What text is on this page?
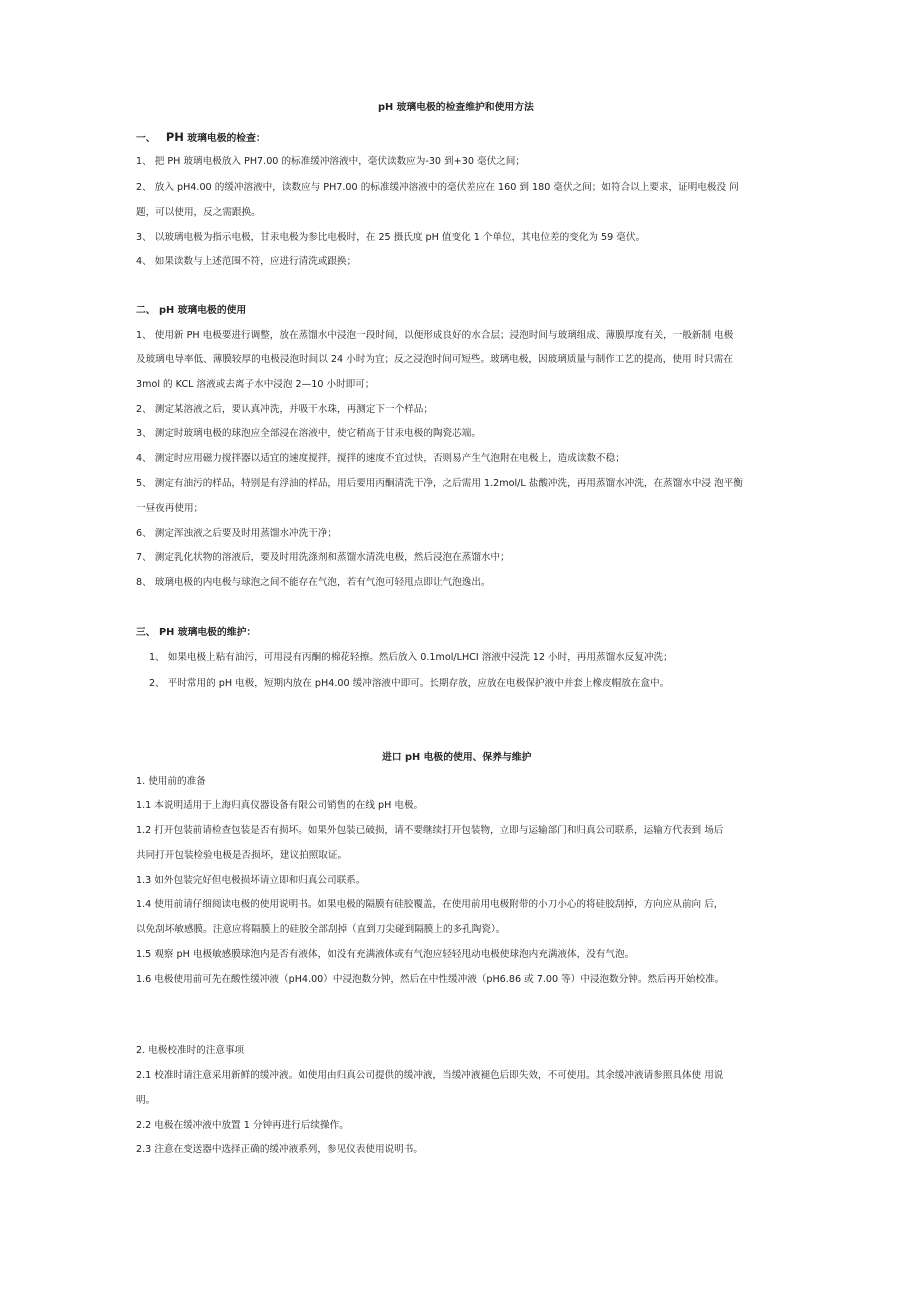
pH 玻璃电极的检查维护和使用方法
一、 PH 玻璃电极的检查：
1、 把 PH 玻璃电极放入 PH7.00 的标准缓冲溶液中，毫伏读数应为-30 到+30 毫伏之间；
2、 放入 pH4.00 的缓冲溶液中，读数应与 PH7.00 的标准缓冲溶液中的毫伏差应在 160 到 180 毫伏之间；如符合以上要求，证明电极没 问
题，可以使用，反之需跟换。
3、 以玻璃电极为指示电极，甘汞电极为参比电极时，在 25 摄氏度 pH 值变化 1 个单位，其电位差的变化为 59 毫伏。
4、 如果读数与上述范围不符，应进行清洗或跟换；
二、 pH 玻璃电极的使用
1、 使用新 PH 电极要进行调整，放在蒸馏水中浸泡一段时间，以便形成良好的水合层；浸泡时间与玻璃组成、薄膜厚度有关，一般新制 电极
及玻璃电导率低、薄膜较厚的电极浸泡时间以 24 小时为宜；反之浸泡时间可短些。玻璃电极，因玻璃质量与制作工艺的提高，使用 时只需在
3mol 的 KCL 溶液或去离子水中浸泡 2—10 小时即可；
2、 测定某溶液之后，要认真冲洗，并吸干水珠，再测定下一个样品；
3、 测定时玻璃电极的球泡应全部浸在溶液中，使它稍高于甘汞电极的陶瓷芯端。
4、 测定时应用磁力搅拌器以适宜的速度搅拌，搅拌的速度不宜过快，否则易产生气泡附在电极上，造成读数不稳；
5、 测定有油污的样品，特别是有浮油的样品，用后要用丙酮清洗干净，之后需用 1.2mol/L 盐酸冲洗，再用蒸馏水冲洗，在蒸馏水中浸 泡平衡
一昼夜再使用；
6、 测定浑浊液之后要及时用蒸馏水冲洗干净；
7、 测定乳化状物的溶液后，要及时用洗涤剂和蒸馏水清洗电极，然后浸泡在蒸馏水中；
8、 玻璃电极的内电极与球泡之间不能存在气泡，若有气泡可轻甩点即让气泡逸出。
三、 PH 玻璃电极的维护：
1、 如果电极上粘有油污，可用浸有丙酮的棉花轻擦。然后放入 0.1mol/LHCI 溶液中浸洗 12 小时，再用蒸馏水反复冲洗；
2、 平时常用的 pH 电极，短期内放在 pH4.00 缓冲溶液中即可。长期存放，应放在电极保护液中并套上橡皮帽放在盒中。
进口 pH 电极的使用、保养与维护
1. 使用前的准备
1.1 本说明适用于上海归真仪器设备有限公司销售的在线 pH 电极。
1.2 打开包装前请检查包装是否有损坏。如果外包装已破损，请不要继续打开包装物，立即与运输部门和归真公司联系，运输方代表到 场后
共同打开包装检验电极是否损坏，建议拍照取证。
1.3 如外包装完好但电极损坏请立即和归真公司联系。
1.4 使用前请仔细阅读电极的使用说明书。如果电极的隔膜有硅胶覆盖，在使用前用电极附带的小刀小心的将硅胶刮掉，方向应从前向 后，
以免刮坏敏感膜。注意应将隔膜上的硅胶全部刮掉（直到刀尖碰到隔膜上的多孔陶瓷）。
1.5 观察 pH 电极敏感膜球泡内是否有液体，如没有充满液体或有气泡应轻轻甩动电极使球泡内充满液体，没有气泡。
1.6 电极使用前可先在酸性缓冲液（pH4.00）中浸泡数分钟，然后在中性缓冲液（pH6.86 或 7.00 等）中浸泡数分钟。然后再开始校准。
2. 电极校准时的注意事项
2.1 校准时请注意采用新鲜的缓冲液。如使用由归真公司提供的缓冲液，当缓冲液褪色后即失效，不可使用。其余缓冲液请参照具体使 用说
明。
2.2 电极在缓冲液中放置 1 分钟再进行后续操作。
2.3 注意在变送器中选择正确的缓冲液系列，参见仪表使用说明书。
